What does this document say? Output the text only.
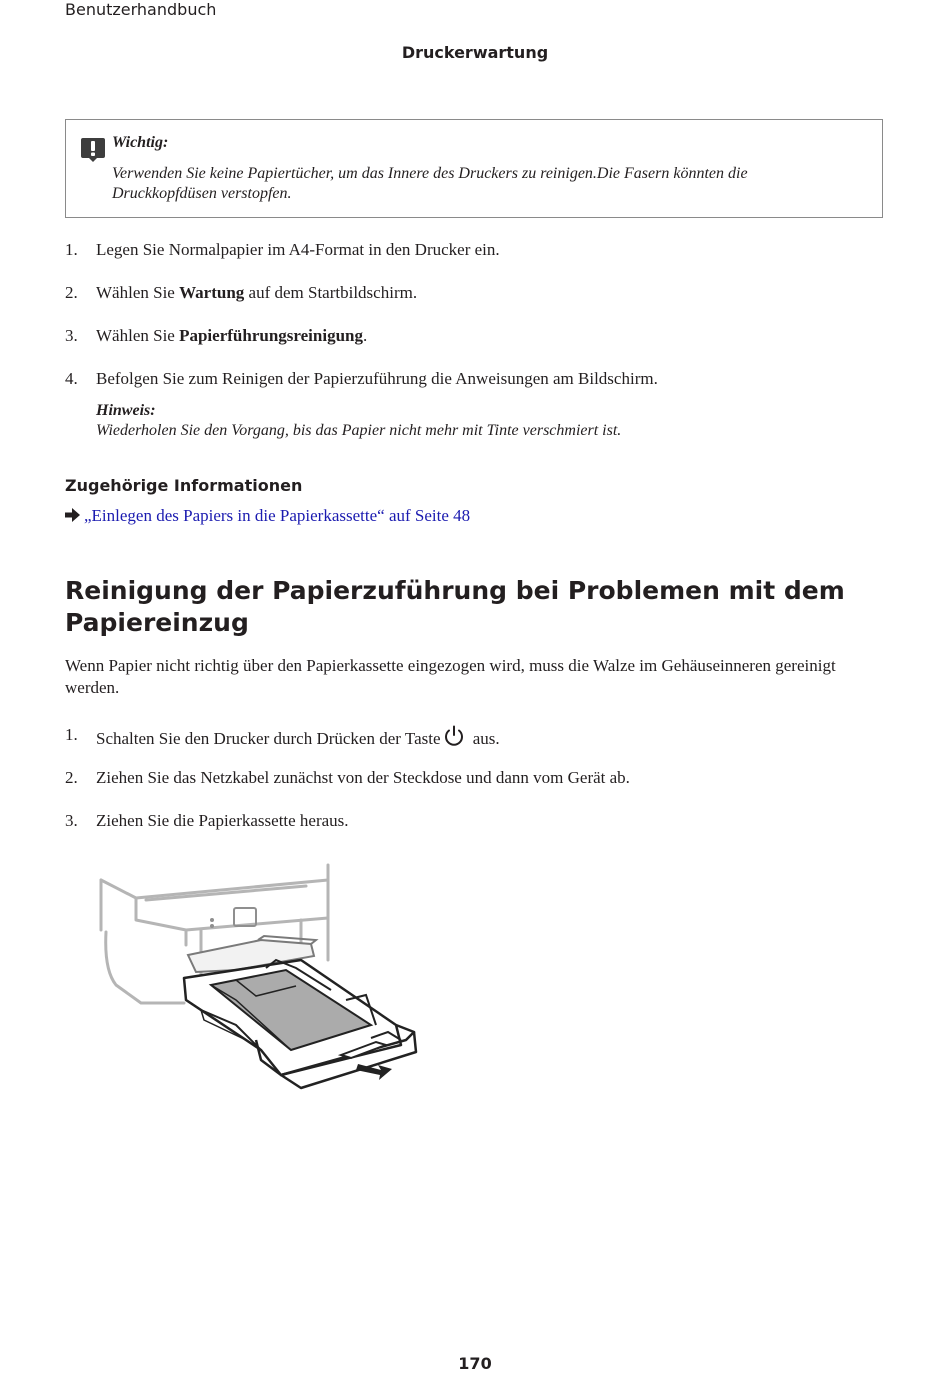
Benutzerhandbuch
Druckerwartung
Wichtig:
Verwenden Sie keine Papiertücher, um das Innere des Druckers zu reinigen.Die Fasern könnten die Druckkopfdüsen verstopfen.
1. Legen Sie Normalpapier im A4-Format in den Drucker ein.
2. Wählen Sie Wartung auf dem Startbildschirm.
3. Wählen Sie Papierführungsreinigung.
4. Befolgen Sie zum Reinigen der Papierzuführung die Anweisungen am Bildschirm.
Hinweis:
Wiederholen Sie den Vorgang, bis das Papier nicht mehr mit Tinte verschmiert ist.
Zugehörige Informationen
„Einlegen des Papiers in die Papierkassette“ auf Seite 48
Reinigung der Papierzuführung bei Problemen mit dem Papiereinzug
Wenn Papier nicht richtig über den Papierkassette eingezogen wird, muss die Walze im Gehäuseinneren gereinigt werden.
1. Schalten Sie den Drucker durch Drücken der Taste aus.
2. Ziehen Sie das Netzkabel zunächst von der Steckdose und dann vom Gerät ab.
3. Ziehen Sie die Papierkassette heraus.
170
